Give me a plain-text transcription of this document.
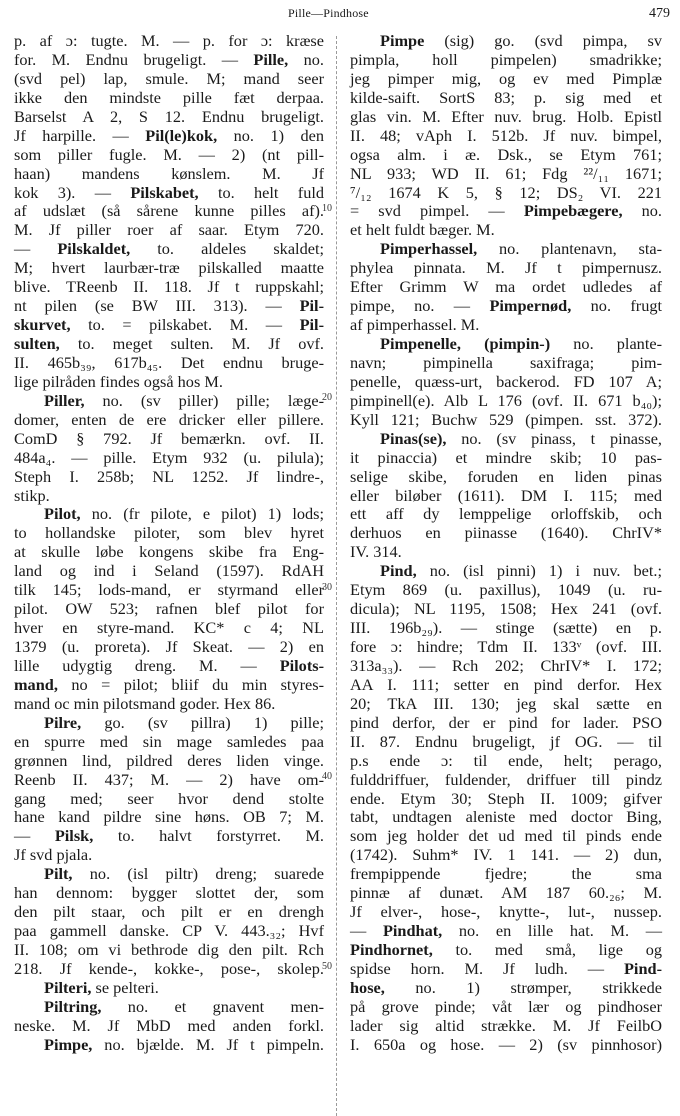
Pille—Pindhose	479
10
20
30
40
50
p. af ɔ: tugte. M. — p. for ɔ: kræse
for. M. Endnu brugeligt. — Pille, no.
(svd pel) lap, smule. M; mand seer
ikke den mindste pille fæt derpaa.
Barselst A 2, S 12. Endnu brugeligt.
Jf harpille. — Pil(le)kok, no. 1) den
som piller fugle. M. — 2) (nt pill-
haan) mandens kønslem. M. Jf
kok 3). — Pilskabet, to. helt fuld
af udslæt (så sårene kunne pilles af).
M. Jf piller roer af saar. Etym 720.
— Pilskaldet, to. aldeles skaldet;
M; hvert laurbær-træ pilskalled maatte
blive. TReenb II. 118. Jf t ruppskahl;
nt pilen (se BW III. 313). — Pil-
skurvet, to. = pilskabet. M. — Pil-
sulten, to. meget sulten. M. Jf ovf.
II. 465b₃₉, 617b₄₅. Det endnu bruge-
lige pilråden findes også hos M.
Piller, no. (sv piller) pille; læge-
domer, enten de ere dricker eller pillere.
ComD § 792. Jf bemærkn. ovf. II.
484a₄. — pille. Etym 932 (u. pilula);
Steph I. 258b; NL 1252. Jf lindre-,
stikp.
Pilot, no. (fr pilote, e pilot) 1) lods;
to hollandske piloter, som blev hyret
at skulle løbe kongens skibe fra Eng-
land og ind i Seland (1597). RdAH
tilk 145; lods-mand, er styrmand eller
pilot. OW 523; rafnen blef pilot for
hver en styre-mand. KC* c 4; NL
1379 (u. proreta). Jf Skeat. — 2) en
lille udygtig dreng. M. — Pilots-
mand, no = pilot; bliif du min styres-
mand oc min pilotsmand goder. Hex 86.
Pilre, go. (sv pillra) 1) pille;
en spurre med sin mage samledes paa
grønnen lind, pildred deres liden vinge.
Reenb II. 437; M. — 2) have om-
gang med; seer hvor dend stolte
hane kand pildre sine høns. OB 7; M.
— Pilsk, to. halvt forstyrret. M.
Jf svd pjala.
Pilt, no. (isl piltr) dreng; suarede
han dennom: bygger slottet der, som
den pilt staar, och pilt er en drengh
paa gammell danske. CP V. 443.₃₂; Hvf
II. 108; om vi bethrode dig den pilt. Rch
218. Jf kende-, kokke-, pose-, skolep.
Pilteri, se pelteri.
Piltring, no. et gnavent men-
neske. M. Jf MbD med anden forkl.
Pimpe, no. bjælde. M. Jf t pimpeln.
Pimpe (sig) go. (svd pimpa, sv
pimpla, holl pimpelen) smadrikke;
jeg pimper mig, og ev med Pimplæ
kilde-saift. SortS 83; p. sig med et
glas vin. M. Efter nuv. brug. Holb. Epistl
II. 48; vAph I. 512b. Jf nuv. bimpel,
ogsa alm. i æ. Dsk., se Etym 761;
NL 933; WD II. 61; Fdg ²²/₁₁ 1671;
⁷/₁₂ 1674 K 5, § 12; DS₂ VI. 221
= svd pimpel. — Pimpebægere, no.
et helt fuldt bæger. M.
Pimperhassel, no. plantenavn, sta-
phylea pinnata. M. Jf t pimpernusz.
Efter Grimm W ma ordet udledes af
pimpe, no. — Pimpernød, no. frugt
af pimperhassel. M.
Pimpenelle, (pimpin-) no. plante-
navn; pimpinella saxifraga; pim-
penelle, quæss-urt, backerod. FD 107 A;
pimpinell(e). Alb L 176 (ovf. II. 671 b₄₀);
Kyll 121; Buchw 529 (pimpen. sst. 372).
Pinas(se), no. (sv pinass, t pinasse,
it pinaccia) et mindre skib; 10 pas-
selige skibe, foruden en liden pinas
eller biløber (1611). DM I. 115; med
ett aff dy lemppelige orloffskib, och
derhuos en piinasse (1640). ChrIV*
IV. 314.
Pind, no. (isl pinni) 1) i nuv. bet.;
Etym 869 (u. paxillus), 1049 (u. ru-
dicula); NL 1195, 1508; Hex 241 (ovf.
III. 196b₂₉). — stinge (sætte) en p.
fore ɔ: hindre; Tdm II. 133ᵛ (ovf. III.
313a₃₃). — Rch 202; ChrIV* I. 172;
AA I. 111; setter en pind derfor. Hex
20; TkA III. 130; jeg skal sætte en
pind derfor, der er pind for lader. PSO
II. 87. Endnu brugeligt, jf OG. — til
p.s ende ɔ: til ende, helt; perago,
fulddriffuer, fuldender, driffuer till pindz
ende. Etym 30; Steph II. 1009; gifver
tabt, undtagen aleniste med doctor Bing,
som jeg holder det ud med til pinds ende
(1742). Suhm* IV. 1 141. — 2) dun,
frempippende fjedre; the sma
pinnæ af dunæt. AM 187 60.₂₆; M.
Jf elver-, hose-, knytte-, lut-, nussep.
— Pindhat, no. en lille hat. M. —
Pindhornet, to. med små, lige og
spidse horn. M. Jf ludh. — Pind-
hose, no. 1) strømper, strikkede
på grove pinde; våt lær og pindhoser
lader sig altid strække. M. Jf FeilbO
I. 650a og hose. — 2) (sv pinnhosor)
